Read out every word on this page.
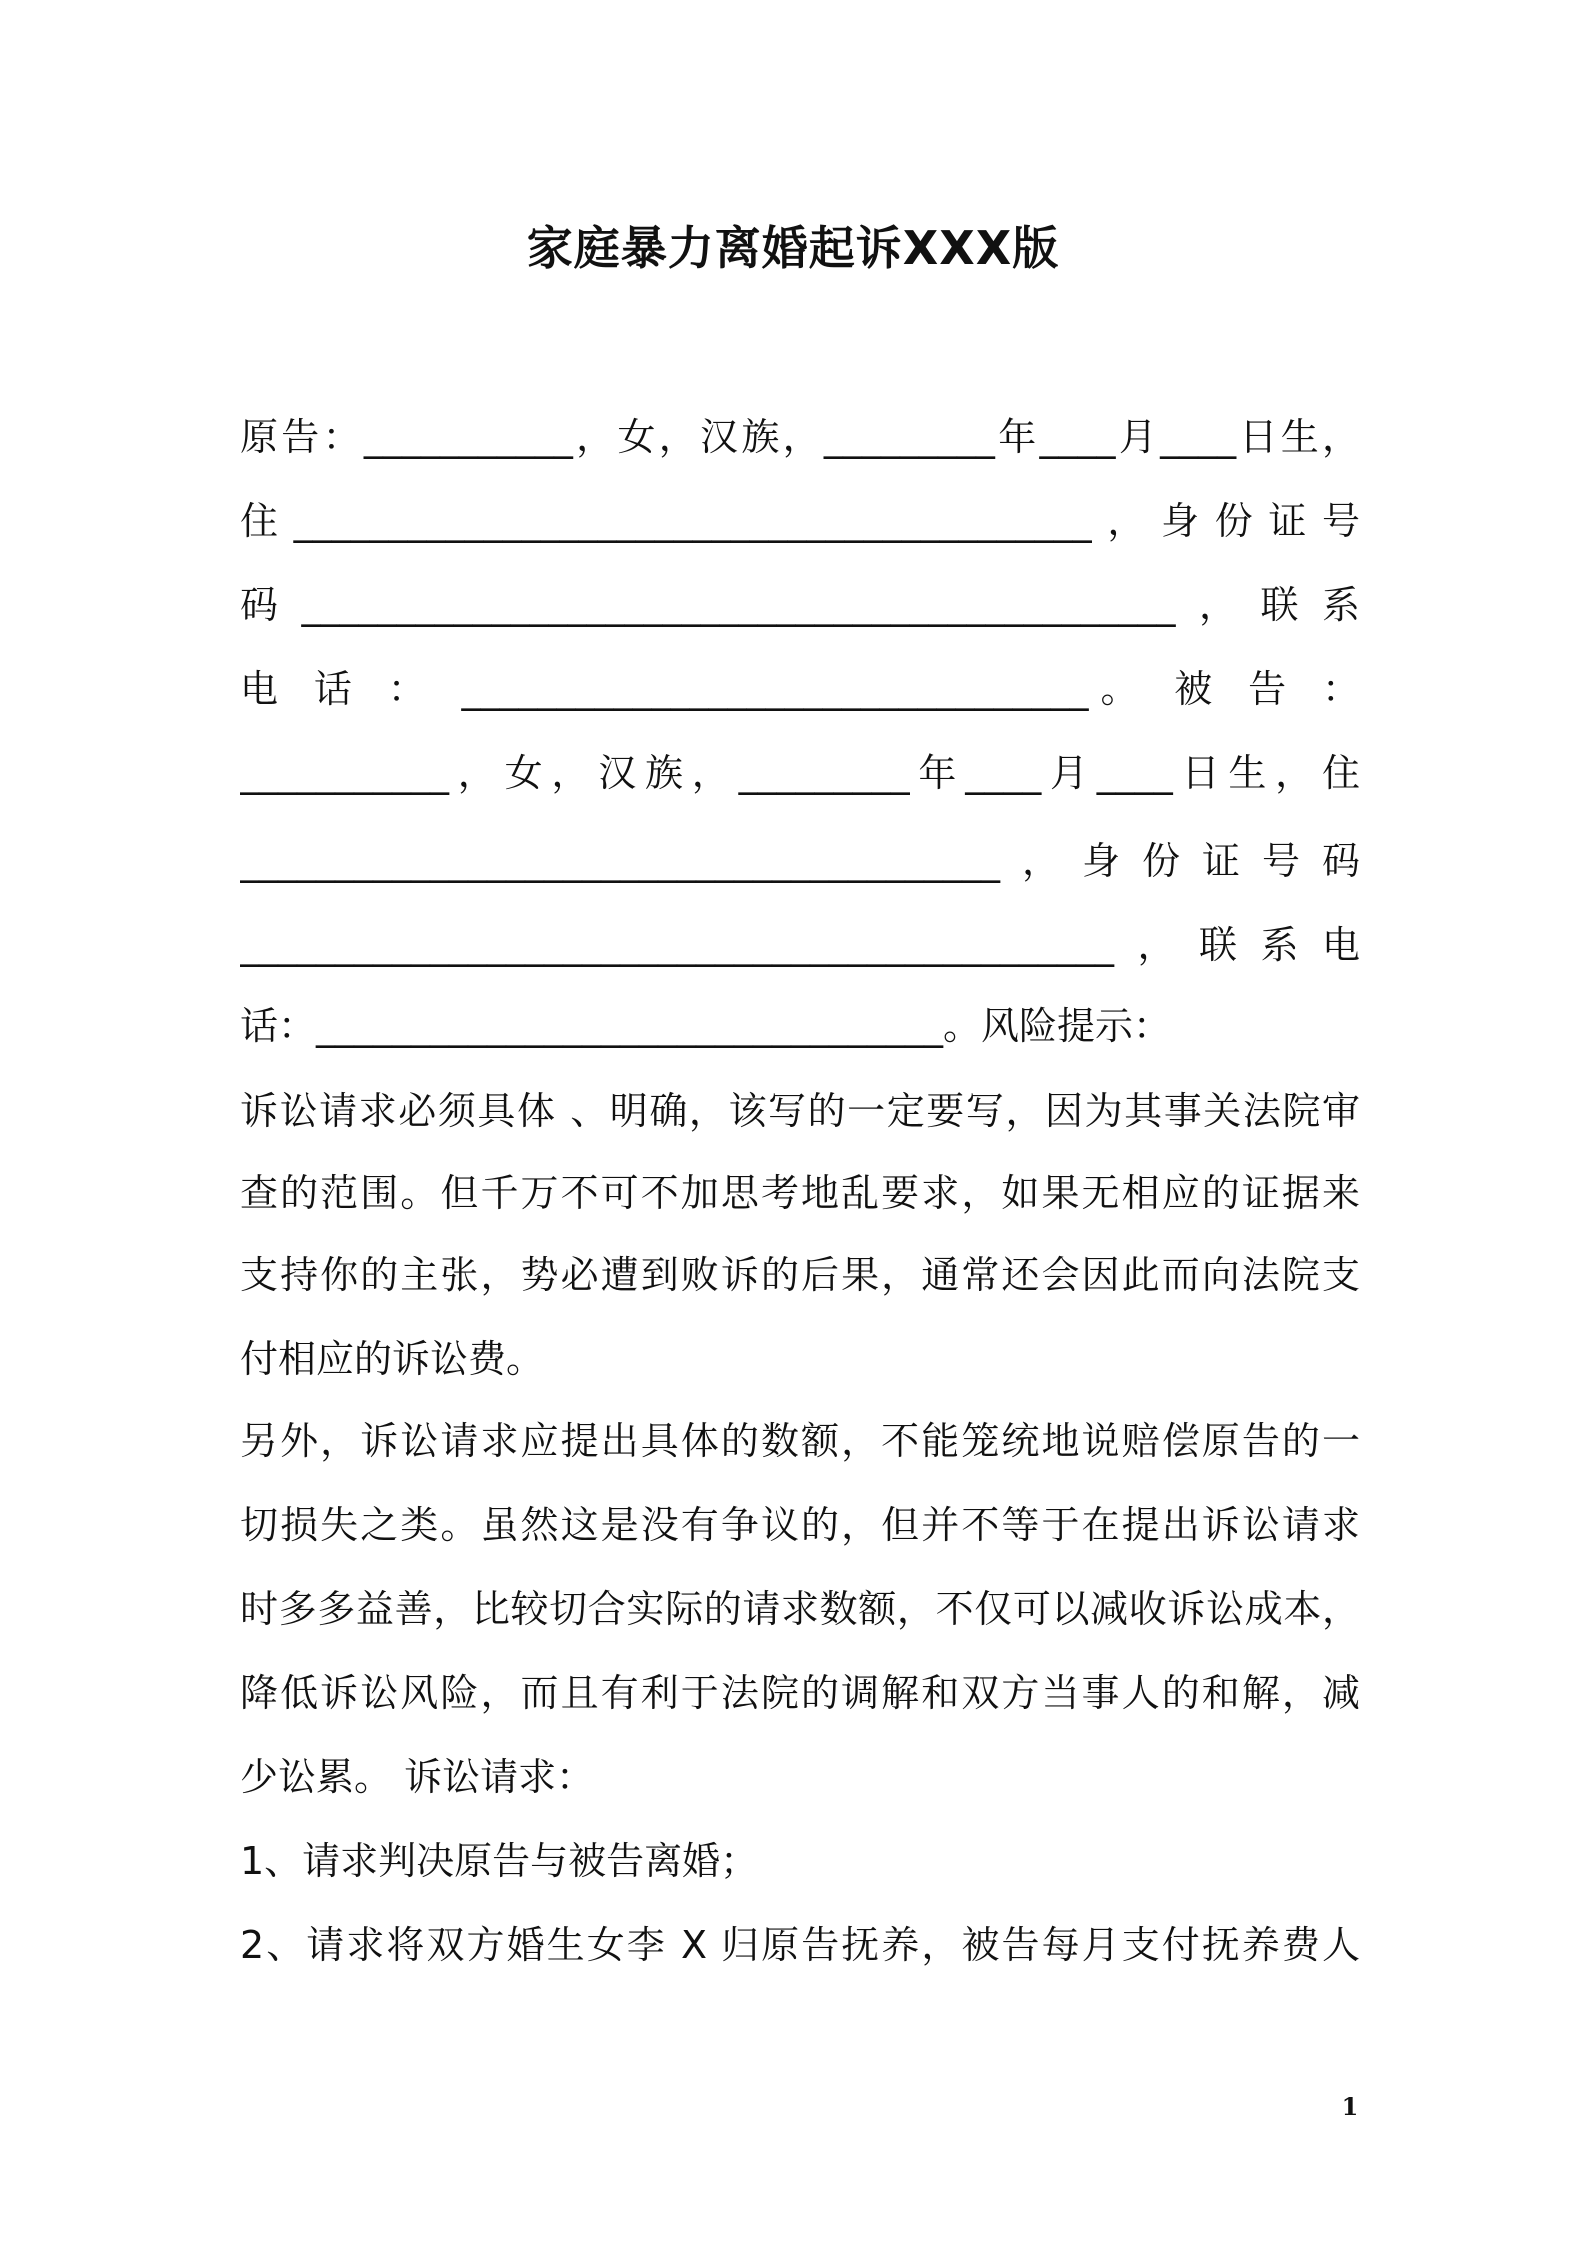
家庭暴力离婚起诉XXX版
原告：___________，女，汉族，_________年____月____日生，
住__________________________________________，身份证号
码______________________________________________，联系
电 话 ： _________________________________。 被 告 ：
___________，女，汉族，_________年____月____日生，住
________________________________________，身份证号码
______________________________________________，联系电
话：_________________________________。风险提示：
诉讼请求必须具体 、明确，该写的一定要写，因为其事关法院审
查的范围。但千万不可不加思考地乱要求，如果无相应的证据来
支持你的主张，势必遭到败诉的后果，通常还会因此而向法院支
付相应的诉讼费。
另外，诉讼请求应提出具体的数额，不能笼统地说赔偿原告的一
切损失之类。虽然这是没有争议的，但并不等于在提出诉讼请求
时多多益善，比较切合实际的请求数额，不仅可以减收诉讼成本，
降低诉讼风险，而且有利于法院的调解和双方当事人的和解，减
少讼累。 诉讼请求：
1、请求判决原告与被告离婚；
2、请求将双方婚生女李 X 归原告抚养，被告每月支付抚养费人
1
